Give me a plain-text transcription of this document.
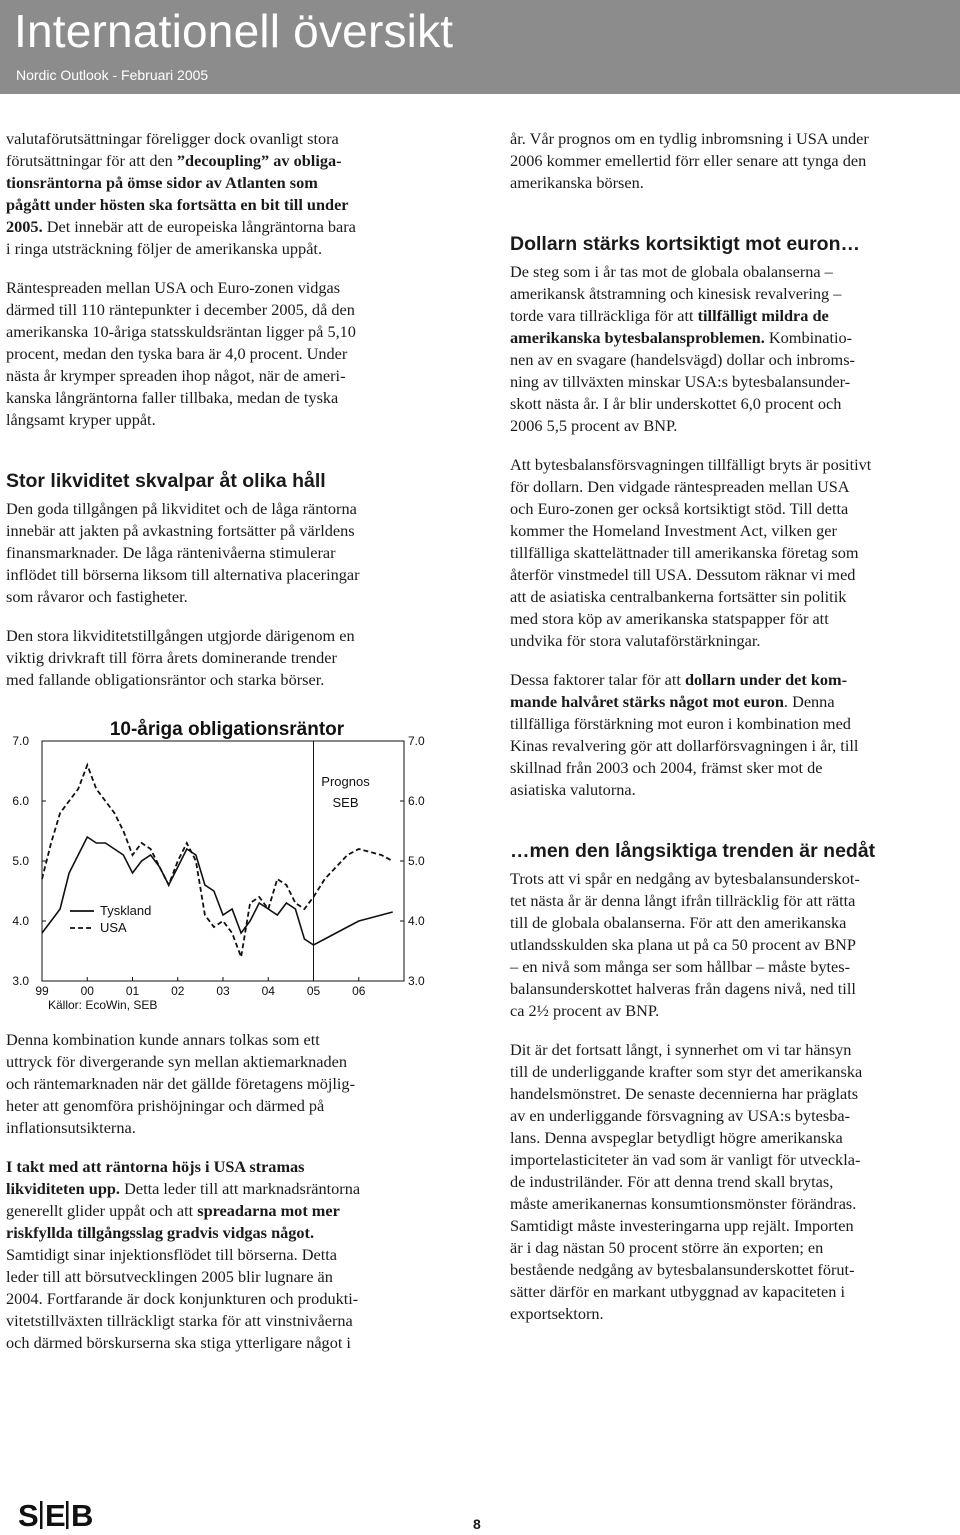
Internationell översikt
Nordic Outlook - Februari 2005

valutaförutsättningar föreligger dock ovanligt stora
förutsättningar för att den ”decoupling” av obliga-
tionsräntorna på ömse sidor av Atlanten som
pågått under hösten ska fortsätta en bit till under
2005. Det innebär att de europeiska långräntorna bara
i ringa utsträckning följer de amerikanska uppåt.

Räntespreaden mellan USA och Euro-zonen vidgas
därmed till 110 räntepunkter i december 2005, då den
amerikanska 10-åriga statsskuldsräntan ligger på 5,10
procent, medan den tyska bara är 4,0 procent. Under
nästa år krymper spreaden ihop något, när de ameri-
kanska långräntorna faller tillbaka, medan de tyska
långsamt kryper uppåt.

Stor likviditet skvalpar åt olika håll

Den goda tillgången på likviditet och de låga räntorna
innebär att jakten på avkastning fortsätter på världens
finansmarknader. De låga räntenivåerna stimulerar
inflödet till börserna liksom till alternativa placeringar
som råvaror och fastigheter.

Den stora likviditetstillgången utgjorde därigenom en
viktig drivkraft till förra årets dominerande trender
med fallande obligationsräntor och starka börser.

10-åriga obligationsräntor
3.0	3.0
4.0	4.0
5.0	5.0
6.0	6.0
7.0	7.0
99	00	01	02	03	04	05	06
Prognos
SEB
Tyskland
USA
Källor: EcoWin, SEB

Denna kombination kunde annars tolkas som ett
uttryck för divergerande syn mellan aktiemarknaden
och räntemarknaden när det gällde företagens möjlig-
heter att genomföra prishöjningar och därmed på
inflationsutsikterna.

I takt med att räntorna höjs i USA stramas
likviditeten upp. Detta leder till att marknadsräntorna
generellt glider uppåt och att spreadarna mot mer
riskfyllda tillgångsslag gradvis vidgas något.
Samtidigt sinar injektionsflödet till börserna. Detta
leder till att börsutvecklingen 2005 blir lugnare än
2004. Fortfarande är dock konjunkturen och produkti-
vitetstillväxten tillräckligt starka för att vinstnivåerna
och därmed börskurserna ska stiga ytterligare något i

år. Vår prognos om en tydlig inbromsning i USA under
2006 kommer emellertid förr eller senare att tynga den
amerikanska börsen.

Dollarn stärks kortsiktigt mot euron…

De steg som i år tas mot de globala obalanserna –
amerikansk åtstramning och kinesisk revalvering –
torde vara tillräckliga för att tillfälligt mildra de
amerikanska bytesbalansproblemen. Kombinatio-
nen av en svagare (handelsvägd) dollar och inbroms-
ning av tillväxten minskar USA:s bytesbalansunder-
skott nästa år. I år blir underskottet 6,0 procent och
2006 5,5 procent av BNP.

Att bytesbalansförsvagningen tillfälligt bryts är positivt
för dollarn. Den vidgade räntespreaden mellan USA
och Euro-zonen ger också kortsiktigt stöd. Till detta
kommer the Homeland Investment Act, vilken ger
tillfälliga skattelättnader till amerikanska företag som
återför vinstmedel till USA. Dessutom räknar vi med
att de asiatiska centralbankerna fortsätter sin politik
med stora köp av amerikanska statspapper för att
undvika för stora valutaförstärkningar.

Dessa faktorer talar för att dollarn under det kom-
mande halvåret stärks något mot euron. Denna
tillfälliga förstärkning mot euron i kombination med
Kinas revalvering gör att dollarförsvagningen i år, till
skillnad från 2003 och 2004, främst sker mot de
asiatiska valutorna.

…men den långsiktiga trenden är nedåt

Trots att vi spår en nedgång av bytesbalansunderskot-
tet nästa år är denna långt ifrån tillräcklig för att rätta
till de globala obalanserna. För att den amerikanska
utlandsskulden ska plana ut på ca 50 procent av BNP
– en nivå som många ser som hållbar – måste bytes-
balansunderskottet halveras från dagens nivå, ned till
ca 2½ procent av BNP.

Dit är det fortsatt långt, i synnerhet om vi tar hänsyn
till de underliggande krafter som styr det amerikanska
handelsmönstret. De senaste decennierna har präglats
av en underliggande försvagning av USA:s bytesba-
lans. Denna avspeglar betydligt högre amerikanska
importelasticiteter än vad som är vanligt för utveckla-
de industriländer. För att denna trend skall brytas,
måste amerikanernas konsumtionsmönster förändras.
Samtidigt måste investeringarna upp rejält. Importen
är i dag nästan 50 procent större än exporten; en
bestående nedgång av bytesbalansunderskottet förut-
sätter därför en markant utbyggnad av kapaciteten i
exportsektorn.

S E B	8
